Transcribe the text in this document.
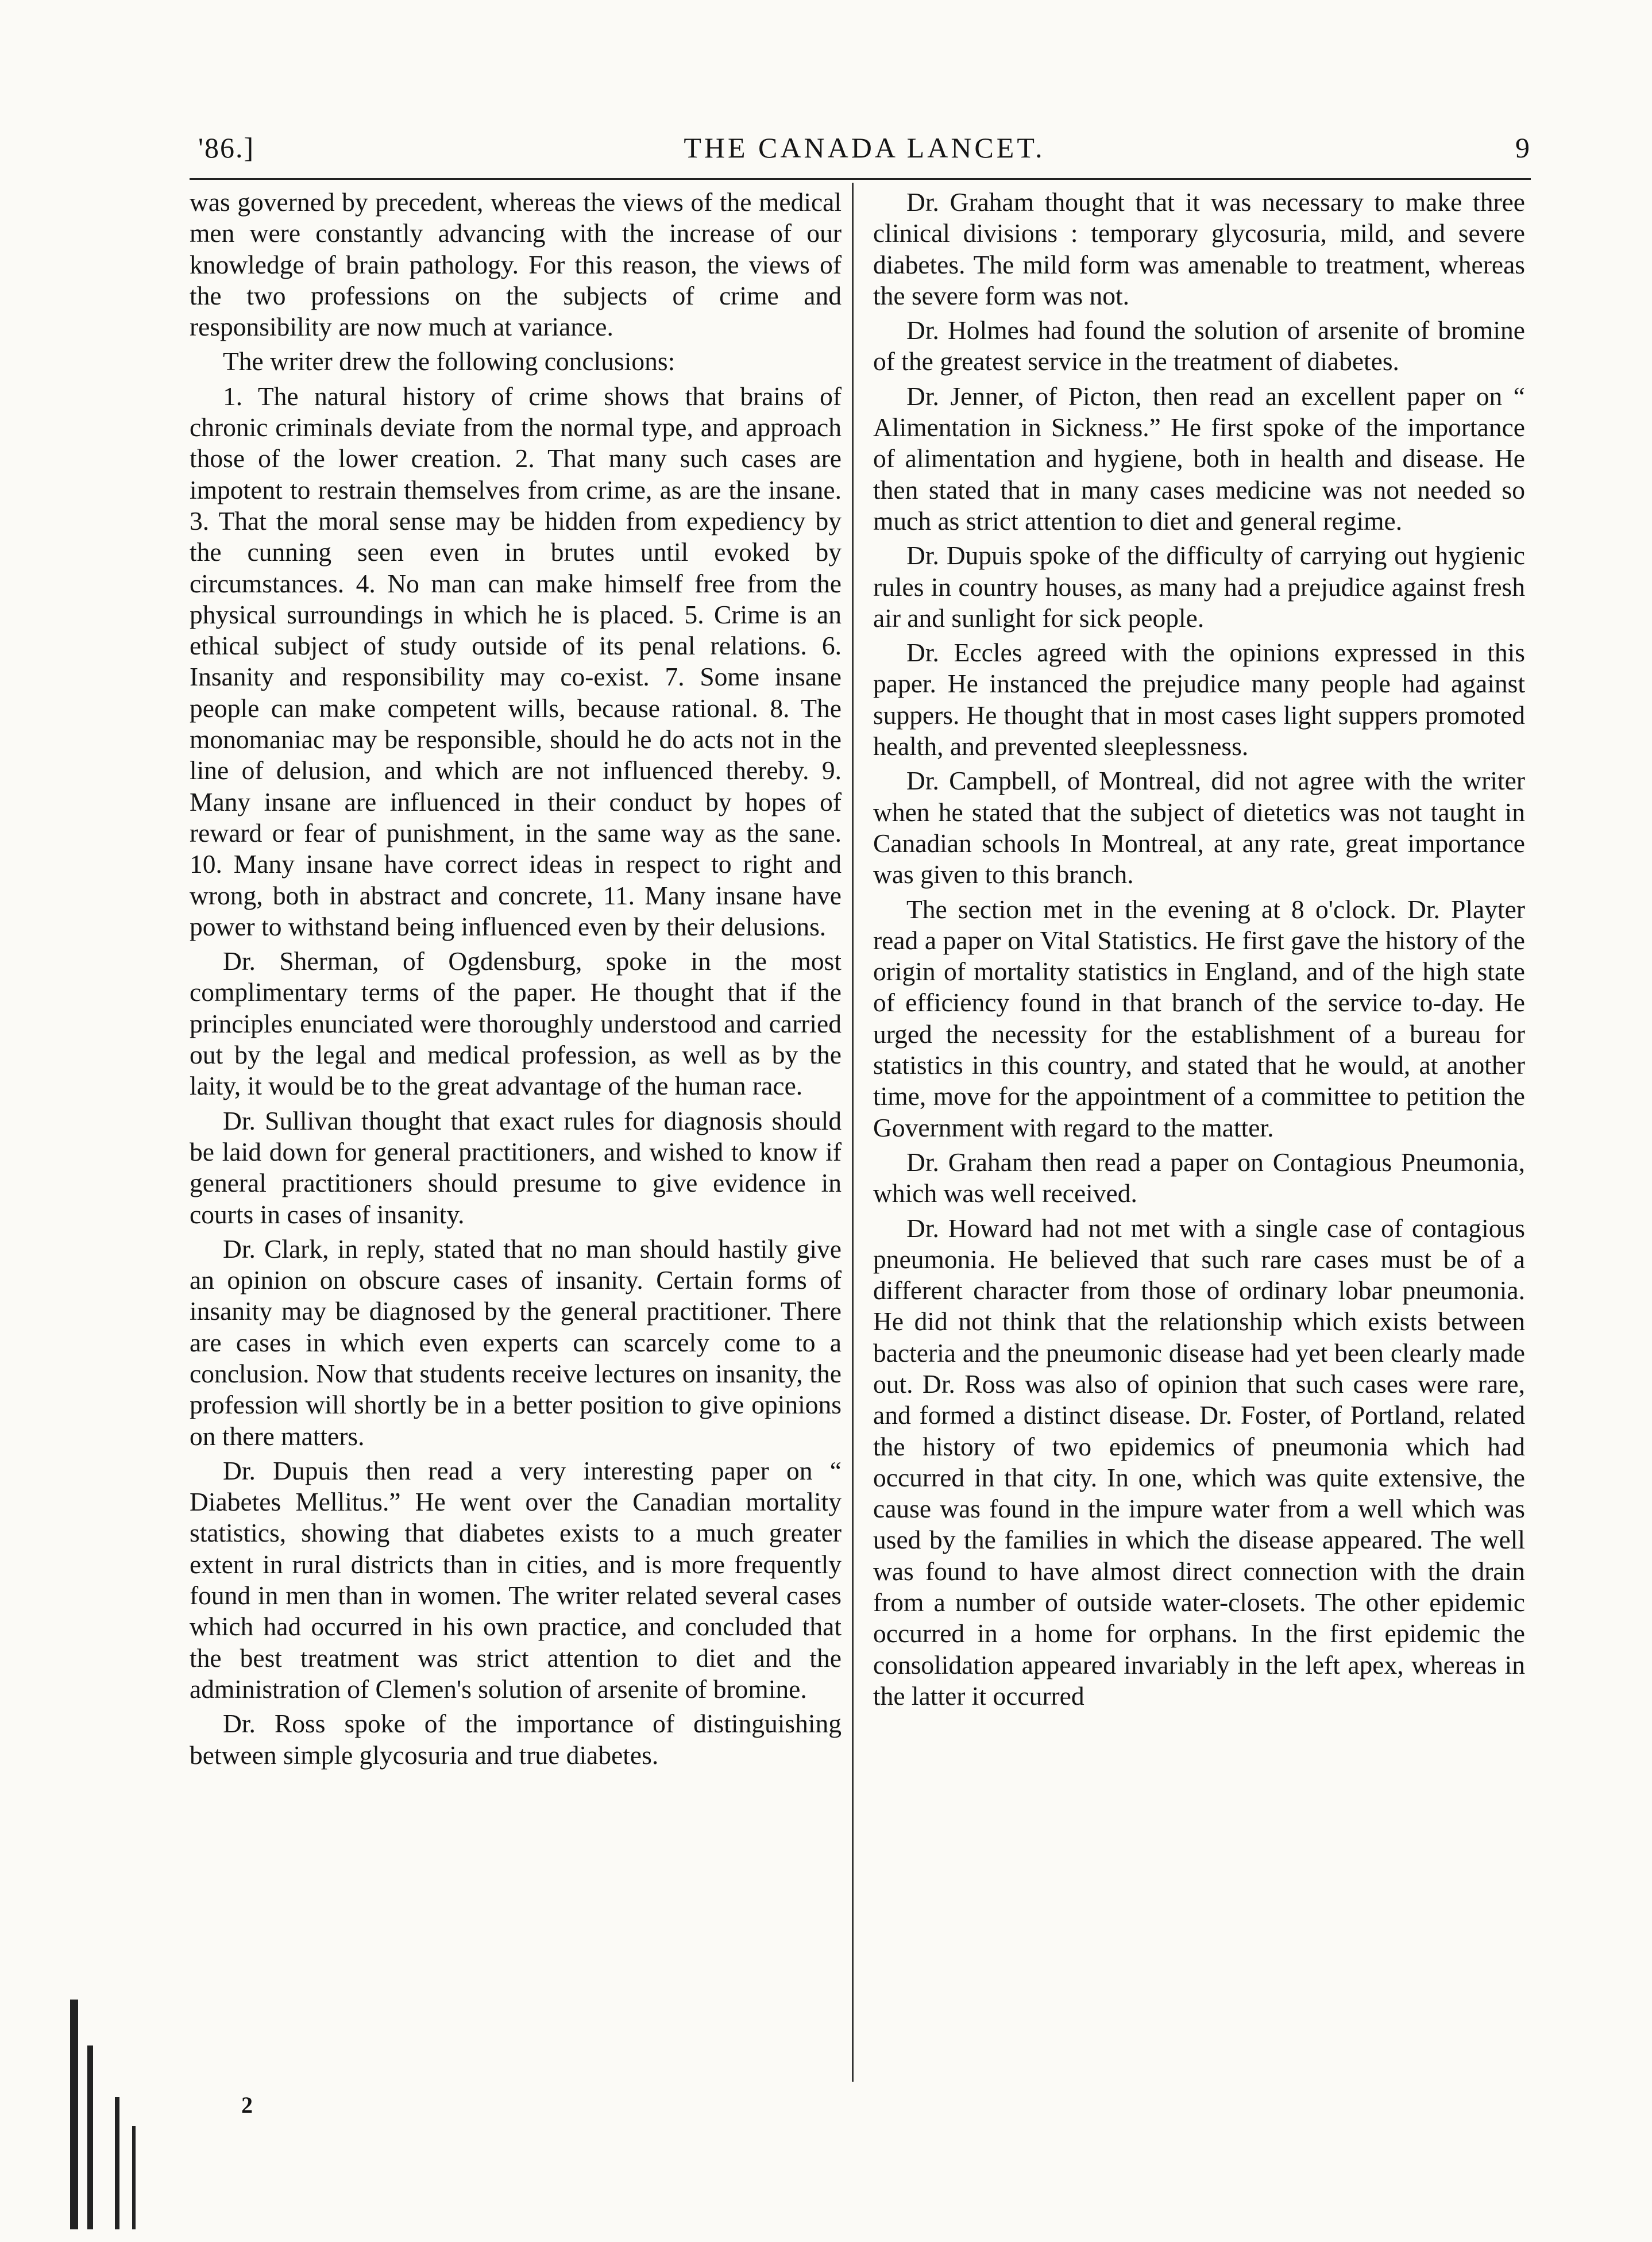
'86.]	THE CANADA LANCET.	9

was governed by precedent, whereas the views of the medical men were constantly advancing with the increase of our knowledge of brain pathology. For this reason, the views of the two professions on the subjects of crime and responsibility are now much at variance.

The writer drew the following conclusions:

1. The natural history of crime shows that brains of chronic criminals deviate from the normal type, and approach those of the lower creation. 2. That many such cases are impotent to restrain themselves from crime, as are the insane. 3. That the moral sense may be hidden from expediency by the cunning seen even in brutes until evoked by circumstances. 4. No man can make himself free from the physical surroundings in which he is placed. 5. Crime is an ethical subject of study outside of its penal relations. 6. Insanity and responsibility may co-exist. 7. Some insane people can make competent wills, because rational. 8. The monomaniac may be responsible, should he do acts not in the line of delusion, and which are not influenced thereby. 9. Many insane are influenced in their conduct by hopes of reward or fear of punishment, in the same way as the sane. 10. Many insane have correct ideas in respect to right and wrong, both in abstract and concrete, 11. Many insane have power to withstand being influenced even by their delusions.

Dr. Sherman, of Ogdensburg, spoke in the most complimentary terms of the paper. He thought that if the principles enunciated were thoroughly understood and carried out by the legal and medical profession, as well as by the laity, it would be to the great advantage of the human race.

Dr. Sullivan thought that exact rules for diagnosis should be laid down for general practitioners, and wished to know if general practitioners should presume to give evidence in courts in cases of insanity.

Dr. Clark, in reply, stated that no man should hastily give an opinion on obscure cases of insanity. Certain forms of insanity may be diagnosed by the general practitioner. There are cases in which even experts can scarcely come to a conclusion. Now that students receive lectures on insanity, the profession will shortly be in a better position to give opinions on there matters.

Dr. Dupuis then read a very interesting paper on “ Diabetes Mellitus.” He went over the Canadian mortality statistics, showing that diabetes exists to a much greater extent in rural districts than in cities, and is more frequently found in men than in women. The writer related several cases which had occurred in his own practice, and concluded that the best treatment was strict attention to diet and the administration of Clemen's solution of arsenite of bromine.

Dr. Ross spoke of the importance of distinguishing between simple glycosuria and true diabetes.

Dr. Graham thought that it was necessary to make three clinical divisions : temporary glycosuria, mild, and severe diabetes. The mild form was amenable to treatment, whereas the severe form was not.

Dr. Holmes had found the solution of arsenite of bromine of the greatest service in the treatment of diabetes.

Dr. Jenner, of Picton, then read an excellent paper on “ Alimentation in Sickness.” He first spoke of the importance of alimentation and hygiene, both in health and disease. He then stated that in many cases medicine was not needed so much as strict attention to diet and general regime.

Dr. Dupuis spoke of the difficulty of carrying out hygienic rules in country houses, as many had a prejudice against fresh air and sunlight for sick people.

Dr. Eccles agreed with the opinions expressed in this paper. He instanced the prejudice many people had against suppers. He thought that in most cases light suppers promoted health, and prevented sleeplessness.

Dr. Campbell, of Montreal, did not agree with the writer when he stated that the subject of dietetics was not taught in Canadian schools In Montreal, at any rate, great importance was given to this branch.

The section met in the evening at 8 o'clock. Dr. Playter read a paper on Vital Statistics. He first gave the history of the origin of mortality statistics in England, and of the high state of efficiency found in that branch of the service to-day. He urged the necessity for the establishment of a bureau for statistics in this country, and stated that he would, at another time, move for the appointment of a committee to petition the Government with regard to the matter.

Dr. Graham then read a paper on Contagious Pneumonia, which was well received.

Dr. Howard had not met with a single case of contagious pneumonia. He believed that such rare cases must be of a different character from those of ordinary lobar pneumonia. He did not think that the relationship which exists between bacteria and the pneumonic disease had yet been clearly made out. Dr. Ross was also of opinion that such cases were rare, and formed a distinct disease. Dr. Foster, of Portland, related the history of two epidemics of pneumonia which had occurred in that city. In one, which was quite extensive, the cause was found in the impure water from a well which was used by the families in which the disease appeared. The well was found to have almost direct connection with the drain from a number of outside water-closets. The other epidemic occurred in a home for orphans. In the first epidemic the consolidation appeared invariably in the left apex, whereas in the latter it occurred

2
